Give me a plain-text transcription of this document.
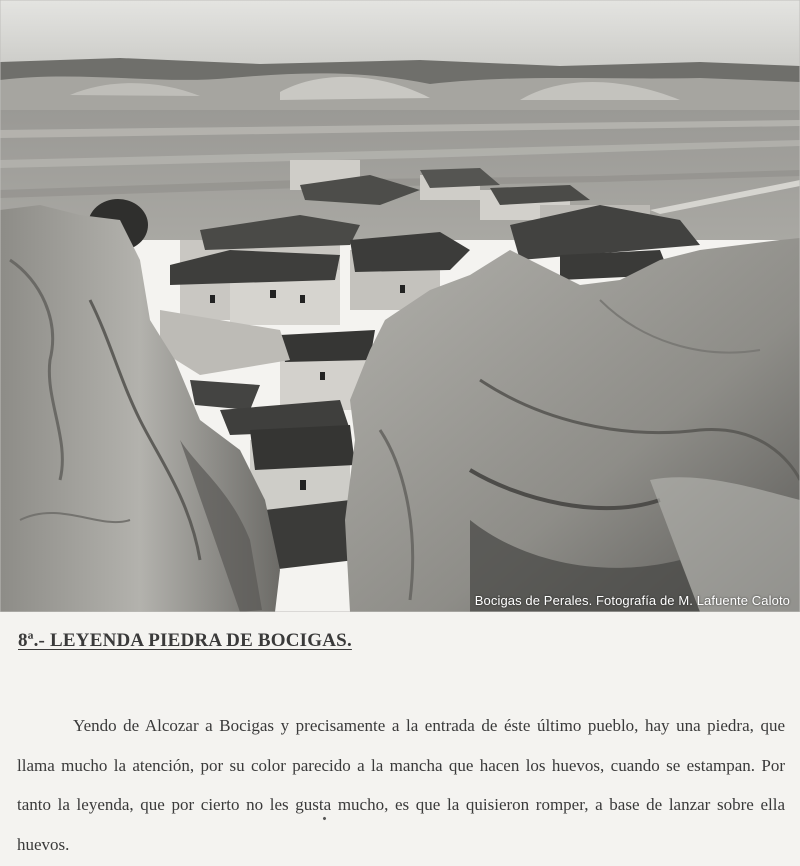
Bocigas de Perales. Fotografía de M. Lafuente Caloto
8ª.- LEYENDA PIEDRA DE BOCIGAS.

Yendo de Alcozar a Bocigas y precisamente a la entrada de éste último pueblo, hay una piedra, que llama mucho la atención, por su color parecido a la mancha que hacen los huevos, cuando se estampan. Por tanto la leyenda, que por cierto no les gusta mucho, es que la quisieron romper, a base de lanzar sobre ella huevos.
